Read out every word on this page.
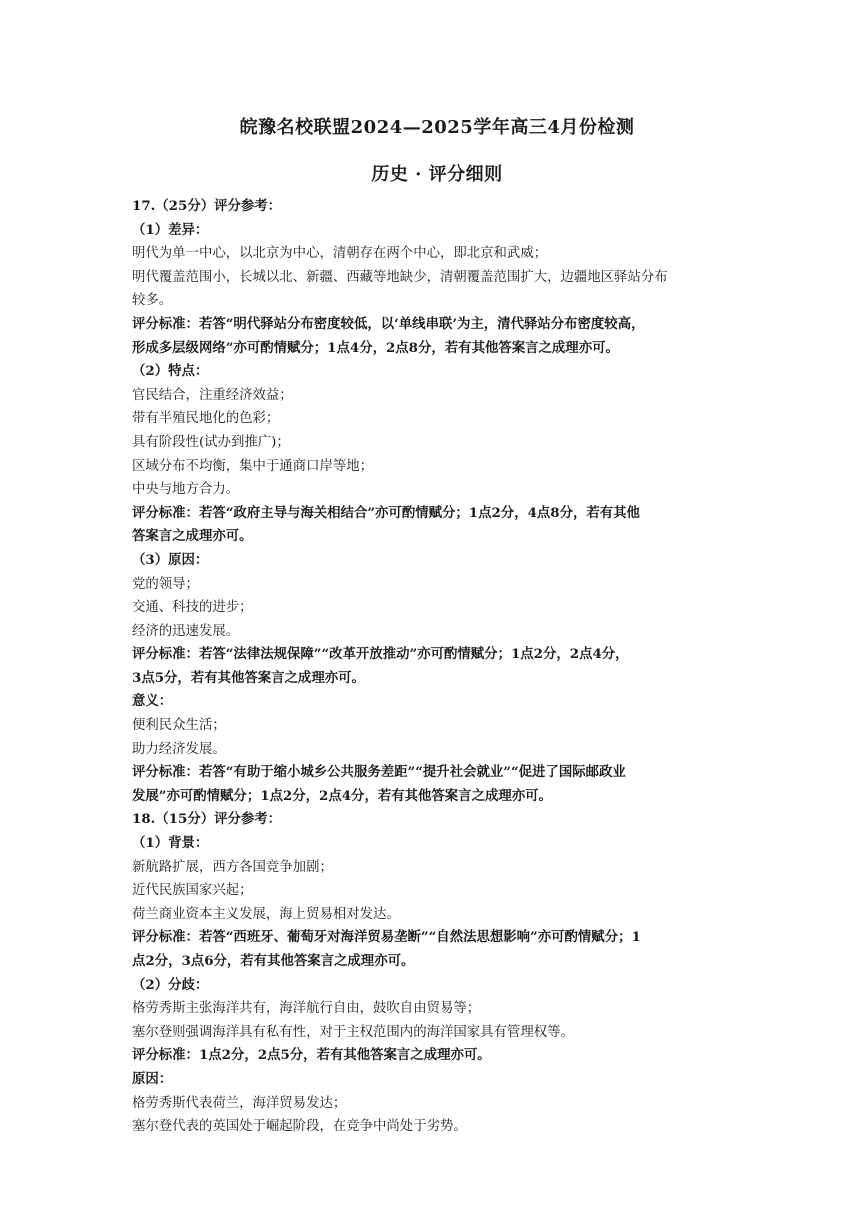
皖豫名校联盟2024—2025学年高三4月份检测
历史 · 评分细则

17.（25分）评分参考：

（1）差异：

明代为单一中心，以北京为中心，清朝存在两个中心，即北京和武威；

明代覆盖范围小，长城以北、新疆、西藏等地缺少，清朝覆盖范围扩大，边疆地区驿站分布

较多。

评分标准：若答“明代驿站分布密度较低，以‘单线串联’为主，清代驿站分布密度较高，

形成多层级网络”亦可酌情赋分；1点4分，2点8分，若有其他答案言之成理亦可。

（2）特点：

官民结合，注重经济效益；

带有半殖民地化的色彩；

具有阶段性(试办到推广)；

区域分布不均衡，集中于通商口岸等地；

中央与地方合力。

评分标准：若答“政府主导与海关相结合”亦可酌情赋分；1点2分，4点8分，若有其他

答案言之成理亦可。

（3）原因：

党的领导；

交通、科技的进步；

经济的迅速发展。

评分标准：若答“法律法规保障”“改革开放推动”亦可酌情赋分；1点2分，2点4分，

3点5分，若有其他答案言之成理亦可。

意义：

便利民众生活；

助力经济发展。

评分标准：若答“有助于缩小城乡公共服务差距”“提升社会就业”“促进了国际邮政业

发展”亦可酌情赋分；1点2分，2点4分，若有其他答案言之成理亦可。

18.（15分）评分参考：

（1）背景：

新航路扩展，西方各国竞争加剧；

近代民族国家兴起；

荷兰商业资本主义发展，海上贸易相对发达。

评分标准：若答“西班牙、葡萄牙对海洋贸易垄断”“自然法思想影响”亦可酌情赋分；1

点2分，3点6分，若有其他答案言之成理亦可。

（2）分歧：

格劳秀斯主张海洋共有，海洋航行自由，鼓吹自由贸易等；

塞尔登则强调海洋具有私有性，对于主权范围内的海洋国家具有管理权等。

评分标准：1点2分，2点5分，若有其他答案言之成理亦可。

原因：

格劳秀斯代表荷兰，海洋贸易发达；

塞尔登代表的英国处于崛起阶段，在竞争中尚处于劣势。
